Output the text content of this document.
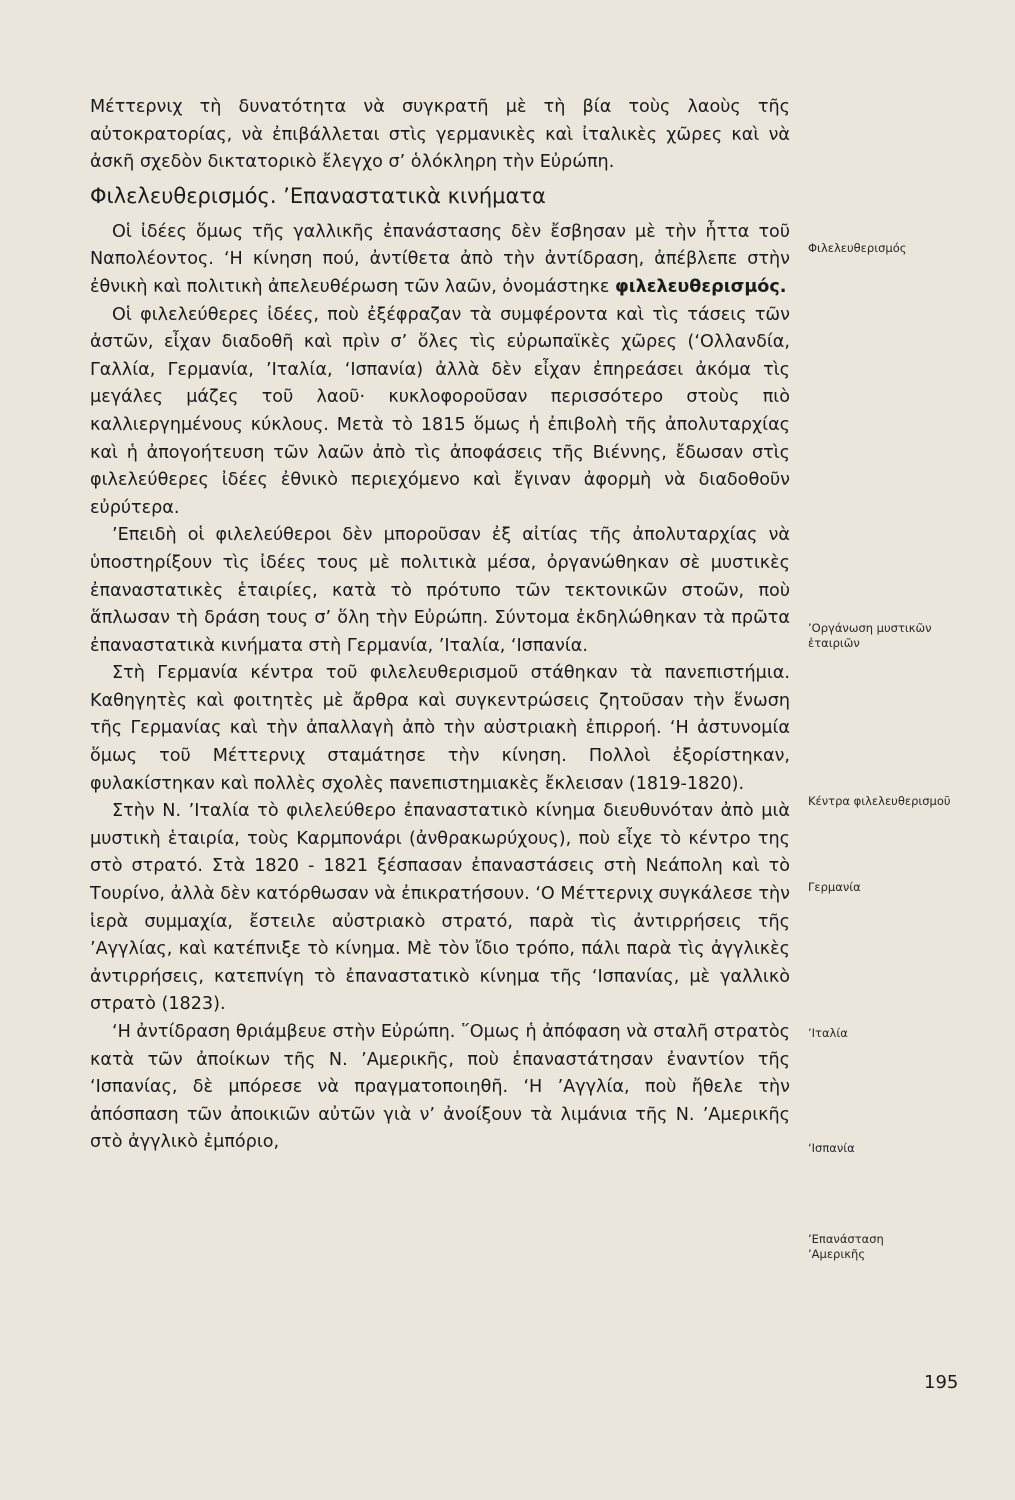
Μέττερνιχ τὴ δυνατότητα νὰ συγκρατῆ μὲ τὴ βία τοὺς λαοὺς τῆς αὐτοκρατορίας, νὰ ἐπιβάλλεται στὶς γερμανικὲς καὶ ἰταλικὲς χῶρες καὶ νὰ ἀσκῆ σχεδὸν δικτατορικὸ ἔλεγχο σ’ ὁλόκληρη τὴν Εὐρώπη.

Φιλελευθερισμός. ’Επαναστατικὰ κινήματα

Οἱ ἰδέες ὅμως τῆς γαλλικῆς ἐπανάστασης δὲν ἔσβησαν μὲ τὴν ἧττα τοῦ Ναπολέοντος. ‘Η κίνηση πού, ἀντίθετα ἀπὸ τὴν ἀντίδραση, ἀπέβλεπε στὴν ἐθνικὴ καὶ πολιτικὴ ἀπελευθέρωση τῶν λαῶν, ὀνομάστηκε φιλελευθερισμός.

Οἱ φιλελεύθερες ἰδέες, ποὺ ἐξέφραζαν τὰ συμφέροντα καὶ τὶς τάσεις τῶν ἀστῶν, εἶχαν διαδοθῆ καὶ πρὶν σ’ ὅλες τὶς εὐρωπαϊκὲς χῶρες (‘Ολλανδία, Γαλλία, Γερμανία, ’Ιταλία, ‘Ισπανία) ἀλλὰ δὲν εἶχαν ἐπηρεάσει ἀκόμα τὶς μεγάλες μάζες τοῦ λαοῦ· κυκλοφοροῦσαν περισσότερο στοὺς πιὸ καλλιεργημένους κύκλους. Μετὰ τὸ 1815 ὅμως ἡ ἐπιβολὴ τῆς ἀπολυταρχίας καὶ ἡ ἀπογοήτευση τῶν λαῶν ἀπὸ τὶς ἀποφάσεις τῆς Βιέννης, ἔδωσαν στὶς φιλελεύθερες ἰδέες ἐθνικὸ περιεχόμενο καὶ ἔγιναν ἀφορμὴ νὰ διαδοθοῦν εὐρύτερα.

’Επειδὴ οἱ φιλελεύθεροι δὲν μποροῦσαν ἐξ αἰτίας τῆς ἀπολυταρχίας νὰ ὑποστηρίξουν τὶς ἰδέες τους μὲ πολιτικὰ μέσα, ὀργανώθηκαν σὲ μυστικὲς ἐπαναστατικὲς ἑταιρίες, κατὰ τὸ πρότυπο τῶν τεκτονικῶν στοῶν, ποὺ ἅπλωσαν τὴ δράση τους σ’ ὅλη τὴν Εὐρώπη. Σύντομα ἐκδηλώθηκαν τὰ πρῶτα ἐπαναστατικὰ κινήματα στὴ Γερμανία, ’Ιταλία, ‘Ισπανία.

Στὴ Γερμανία κέντρα τοῦ φιλελευθερισμοῦ στάθηκαν τὰ πανεπιστήμια. Καθηγητὲς καὶ φοιτητὲς μὲ ἄρθρα καὶ συγκεντρώσεις ζητοῦσαν τὴν ἕνωση τῆς Γερμανίας καὶ τὴν ἀπαλλαγὴ ἀπὸ τὴν αὐστριακὴ ἐπιρροή. ‘Η ἀστυνομία ὅμως τοῦ Μέττερνιχ σταμάτησε τὴν κίνηση. Πολλοὶ ἐξορίστηκαν, φυλακίστηκαν καὶ πολλὲς σχολὲς πανεπιστημιακὲς ἔκλεισαν (1819-1820).

Στὴν Ν. ’Ιταλία τὸ φιλελεύθερο ἐπαναστατικὸ κίνημα διευθυνόταν ἀπὸ μιὰ μυστικὴ ἑταιρία, τοὺς Καρμπονάρι (ἀνθρακωρύχους), ποὺ εἶχε τὸ κέντρο της στὸ στρατό. Στὰ 1820 - 1821 ξέσπασαν ἐπαναστάσεις στὴ Νεάπολη καὶ τὸ Τουρίνο, ἀλλὰ δὲν κατόρθωσαν νὰ ἐπικρατήσουν. ‘Ο Μέττερνιχ συγκάλεσε τὴν ἱερὰ συμμαχία, ἔστειλε αὐστριακὸ στρατό, παρὰ τὶς ἀντιρρήσεις τῆς ’Αγγλίας, καὶ κατέπνιξε τὸ κίνημα. Μὲ τὸν ἴδιο τρόπο, πάλι παρὰ τὶς ἀγγλικὲς ἀντιρρήσεις, κατεπνίγη τὸ ἐπαναστατικὸ κίνημα τῆς ‘Ισπανίας, μὲ γαλλικὸ στρατὸ (1823).

‘Η ἀντίδραση θριάμβευε στὴν Εὐρώπη. ῞Ομως ἡ ἀπόφαση νὰ σταλῆ στρατὸς κατὰ τῶν ἀποίκων τῆς Ν. ’Αμερικῆς, ποὺ ἐπαναστάτησαν ἐναντίον τῆς ‘Ισπανίας, δὲ μπόρεσε νὰ πραγματοποιηθῆ. ‘Η ’Αγγλία, ποὺ ἤθελε τὴν ἀπόσπαση τῶν ἀποικιῶν αὐτῶν γιὰ ν’ ἀνοίξουν τὰ λιμάνια τῆς Ν. ’Αμερικῆς στὸ ἀγγλικὸ ἐμπόριο,

Φιλελευθερισμός
’Οργάνωση μυστικῶν ἑταιριῶν
Κέντρα φιλελευθερισμοῦ
Γερμανία
’Ιταλία
‘Ισπανία
’Επανάσταση ’Αμερικῆς
195
